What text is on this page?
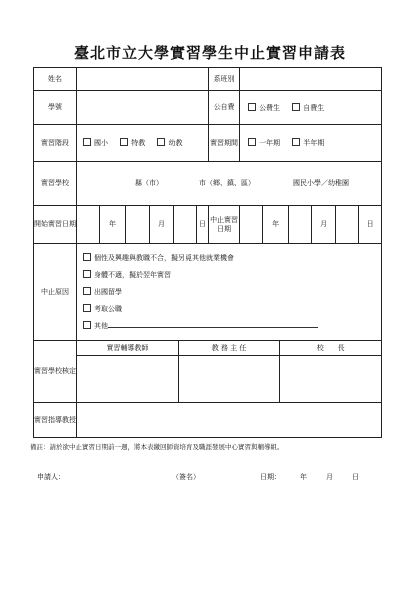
臺北市立大學實習學生中止實習申請表
姓名		系班別	
學號		公自費	公費生	自費生
實習階段	國小	特教	幼教	實習期間	一年期	半年期
實習學校	縣（市）	市（鄉、鎮、區）	國民小學／幼稚園

開始實習日期		年		月		日	中止實習日期		年		月		日
中止原因	
個性及興趣與教職不合，擬另覓其他就業機會
身體不適，擬於翌年實習
出國留學
考取公職
其他

實習學校核定	
實習輔導教師	教 務 主 任	校　　長

實習指導教授	
備註：請於欲中止實習日期前一週，將本表繳回師資培育及職涯發展中心實習與輔導組。
申請人：	（簽名）	日期：	年	月	日
